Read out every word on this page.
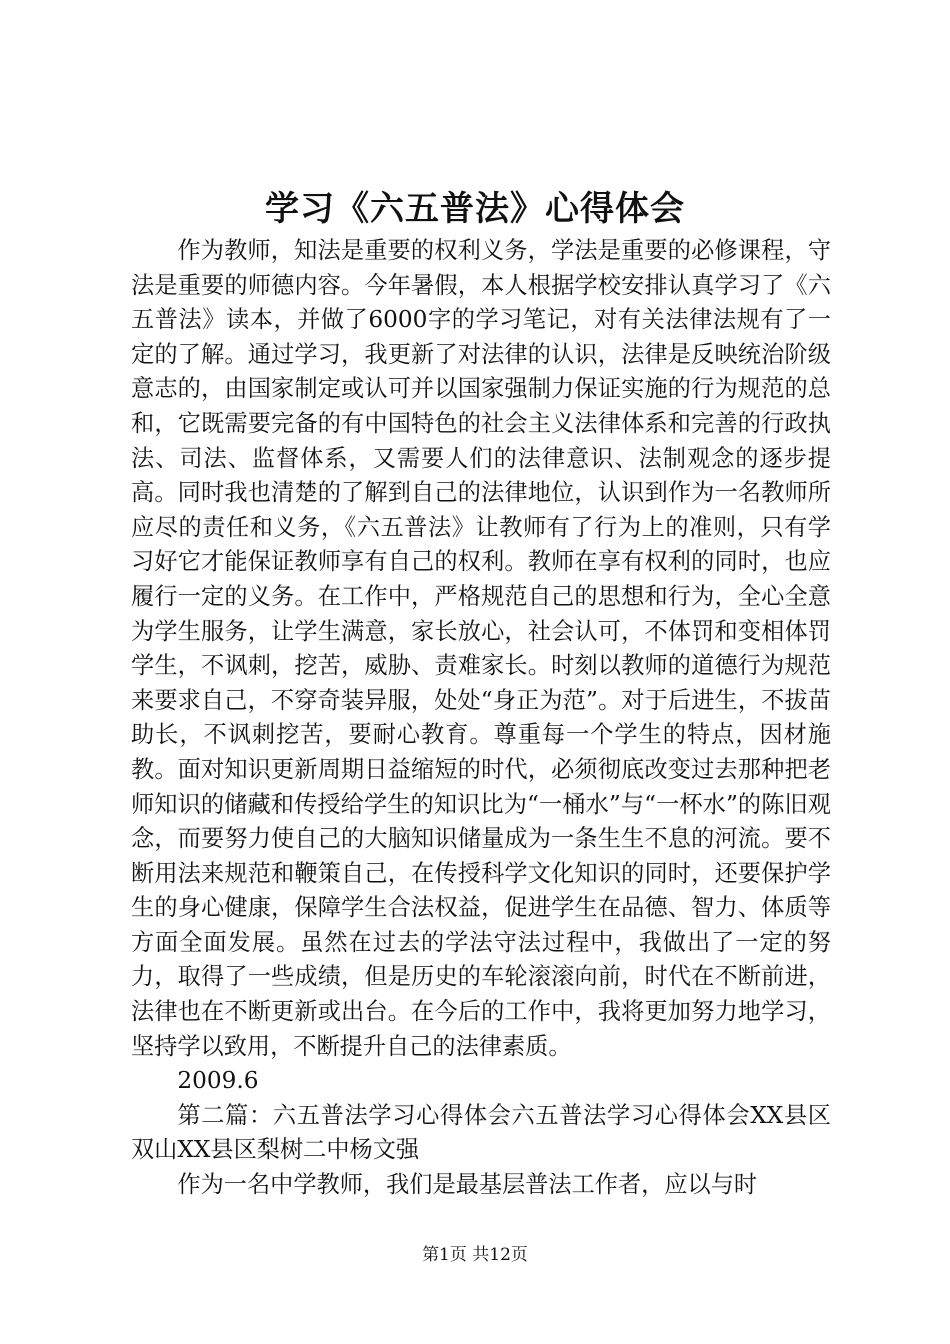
学习《六五普法》心得体会

作为教师，知法是重要的权利义务，学法是重要的必修课程，守法是重要的师德内容。今年暑假，本人根据学校安排认真学习了《六五普法》读本，并做了6000字的学习笔记，对有关法律法规有了一定的了解。通过学习，我更新了对法律的认识，法律是反映统治阶级意志的，由国家制定或认可并以国家强制力保证实施的行为规范的总和，它既需要完备的有中国特色的社会主义法律体系和完善的行政执法、司法、监督体系，又需要人们的法律意识、法制观念的逐步提高。同时我也清楚的了解到自己的法律地位，认识到作为一名教师所应尽的责任和义务，《六五普法》让教师有了行为上的准则，只有学习好它才能保证教师享有自己的权利。教师在享有权利的同时，也应履行一定的义务。在工作中，严格规范自己的思想和行为，全心全意为学生服务，让学生满意，家长放心，社会认可，不体罚和变相体罚学生，不讽刺，挖苦，威胁、责难家长。时刻以教师的道德行为规范来要求自己，不穿奇装异服，处处“身正为范”。对于后进生，不拔苗助长，不讽刺挖苦，要耐心教育。尊重每一个学生的特点，因材施教。面对知识更新周期日益缩短的时代，必须彻底改变过去那种把老师知识的储藏和传授给学生的知识比为“一桶水”与“一杯水”的陈旧观念，而要努力使自己的大脑知识储量成为一条生生不息的河流。要不断用法来规范和鞭策自己，在传授科学文化知识的同时，还要保护学生的身心健康，保障学生合法权益，促进学生在品德、智力、体质等方面全面发展。虽然在过去的学法守法过程中，我做出了一定的努力，取得了一些成绩，但是历史的车轮滚滚向前，时代在不断前进，法律也在不断更新或出台。在今后的工作中，我将更加努力地学习，坚持学以致用，不断提升自己的法律素质。

2009.6

第二篇：六五普法学习心得体会六五普法学习心得体会XX县区双山XX县区梨树二中杨文强

作为一名中学教师，我们是最基层普法工作者，应以与时

第1页 共12页
